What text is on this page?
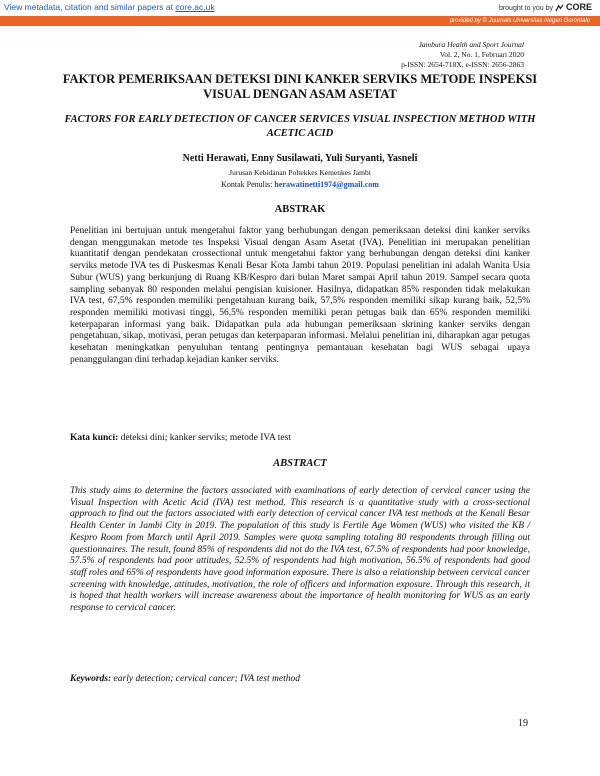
View metadata, citation and similar papers at core.ac.uk	brought to you by CORE
provided by © Journals Universitas Negeri Gorontalo
Jambura Health and Sport Journal
Vol. 2, No. 1, Februari 2020
p-ISSN: 2654-718X, e-ISSN: 2656-2863
FAKTOR PEMERIKSAAN DETEKSI DINI KANKER SERVIKS METODE INSPEKSI VISUAL DENGAN ASAM ASETAT
FACTORS FOR EARLY DETECTION OF CANCER SERVICES VISUAL INSPECTION METHOD WITH ACETIC ACID
Netti Herawati, Enny Susilawati, Yuli Suryanti, Yasneli
Jurusan Kebidanan Poltekkes Kemenkes Jambi
Kontak Penulis: herawatinetti1974@gmail.com
ABSTRAK

Penelitian ini bertujuan untuk mengetahui faktor yang berhubungan dengan pemeriksaan deteksi dini kanker serviks dengan menggunakan metode tes Inspeksi Visual dengan Asam Asetat (IVA). Penelitian ini merupakan penelitian kuantitatif dengan pendekatan crossectional untuk mengetahui faktor yang berhubungan dengan deteksi dini kanker serviks metode IVA tes di Puskesmas Kenali Besar Kota Jambi tahun 2019. Populasi penelitian ini adalah Wanita Usia Subur (WUS) yang berkunjung di Ruang KB/Kespro dari bulan Maret sampai April tahun 2019. Sampel secara quota sampling sebanyak 80 responden melalui pengisian kuisioner. Hasilnya, didapatkan 85% responden tidak melakukan IVA test, 67,5% responden memiliki pengetahuan kurang baik, 57,5% responden memiliki sikap kurang baik, 52,5% responden memiliki motivasi tinggi, 56,5% responden memiliki peran petugas baik dan 65% responden memiliki keterpaparan informasi yang baik. Didapatkan pula ada hubungan pemeriksaan skrining kanker serviks dengan pengetahuan, sikap, motivasi, peran petugas dan keterpaparan informasi. Melalui penelitian ini, diharapkan agar petugas kesehatan meningkatkan penyuluhan tentang pentingnya pemantauan kesehatan bagi WUS sebagai upaya penanggulangan dini terhadap kejadian kanker serviks.

Kata kunci: deteksi dini; kanker serviks; metode IVA test
ABSTRACT

This study aims to determine the factors associated with examinations of early detection of cervical cancer using the Visual Inspection with Acetic Acid (IVA) test method. This research is a quantitative study with a cross-sectional approach to find out the factors associated with early detection of cervical cancer IVA test methods at the Kenali Besar Health Center in Jambi City in 2019. The population of this study is Fertile Age Women (WUS) who visited the KB / Kespro Room from March until April 2019. Samples were quota sampling totaling 80 respondents through filling out questionnaires. The result, found 85% of respondents did not do the IVA test, 67.5% of respondents had poor knowledge, 57.5% of respondents had poor attitudes, 52.5% of respondents had high motivation, 56.5% of respondents had good staff roles and 65% of respondents have good information exposure. There is also a relationship between cervical cancer screening with knowledge, attitudes, motivation, the role of officers and information exposure. Through this research, it is hoped that health workers will increase awareness about the importance of health monitoring for WUS as an early response to cervical cancer.

Keywords: early detection; cervical cancer; IVA test method
19
